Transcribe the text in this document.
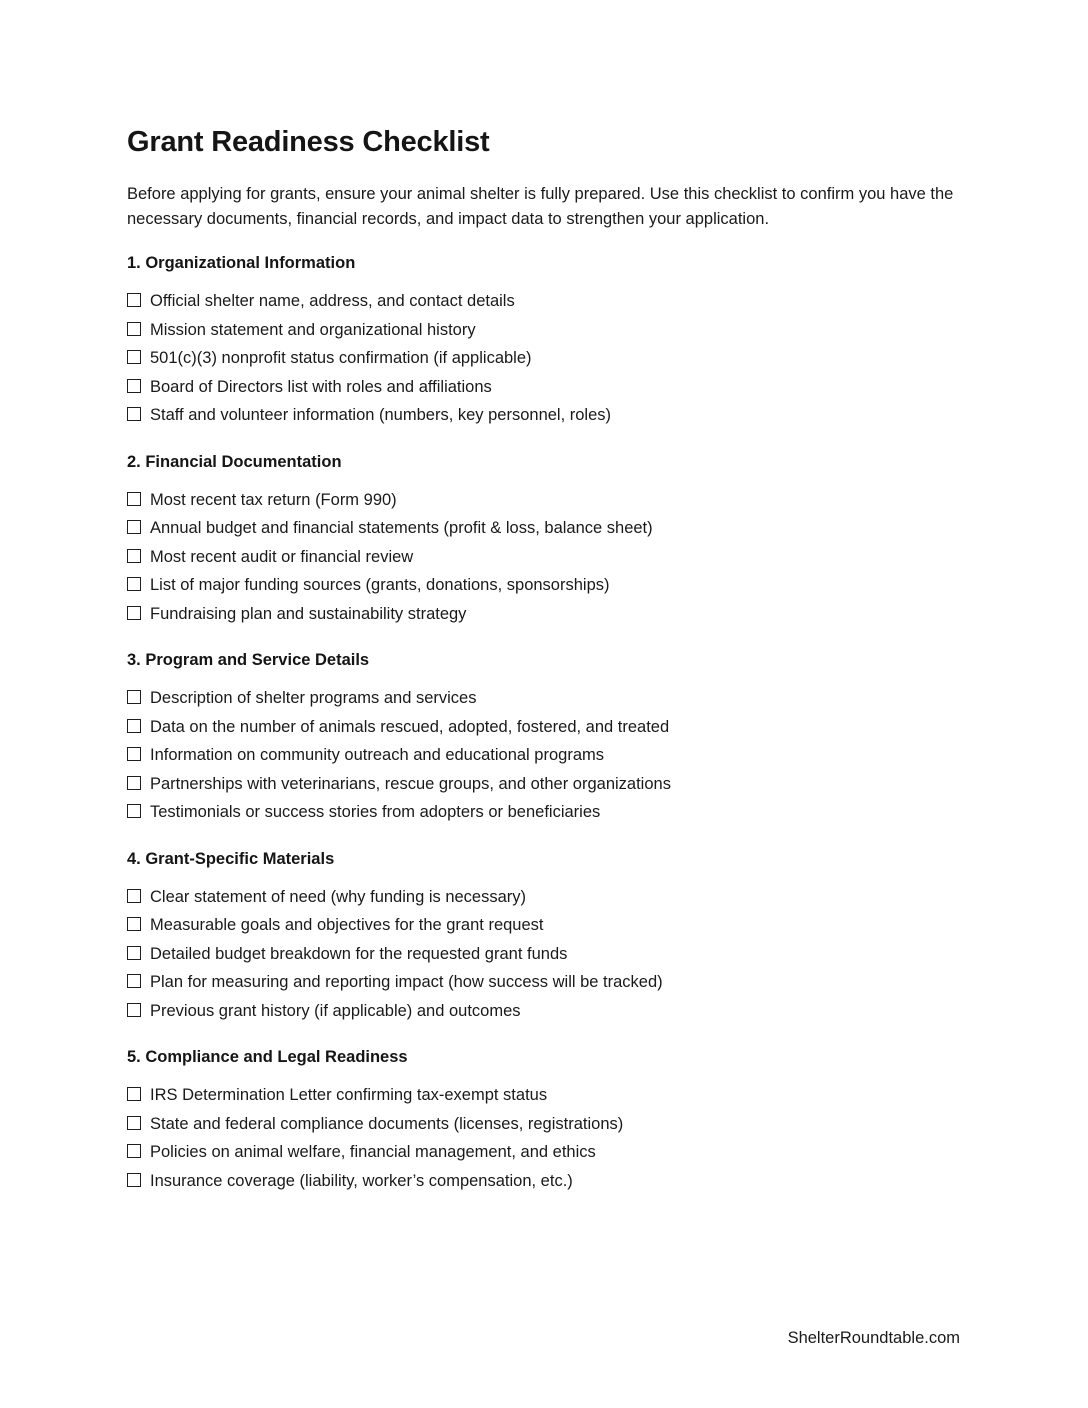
Grant Readiness Checklist

Before applying for grants, ensure your animal shelter is fully prepared. Use this checklist to confirm you have the necessary documents, financial records, and impact data to strengthen your application.

1. Organizational Information
Official shelter name, address, and contact details
Mission statement and organizational history
501(c)(3) nonprofit status confirmation (if applicable)
Board of Directors list with roles and affiliations
Staff and volunteer information (numbers, key personnel, roles)
2. Financial Documentation
Most recent tax return (Form 990)
Annual budget and financial statements (profit & loss, balance sheet)
Most recent audit or financial review
List of major funding sources (grants, donations, sponsorships)
Fundraising plan and sustainability strategy
3. Program and Service Details
Description of shelter programs and services
Data on the number of animals rescued, adopted, fostered, and treated
Information on community outreach and educational programs
Partnerships with veterinarians, rescue groups, and other organizations
Testimonials or success stories from adopters or beneficiaries
4. Grant-Specific Materials
Clear statement of need (why funding is necessary)
Measurable goals and objectives for the grant request
Detailed budget breakdown for the requested grant funds
Plan for measuring and reporting impact (how success will be tracked)
Previous grant history (if applicable) and outcomes
5. Compliance and Legal Readiness
IRS Determination Letter confirming tax-exempt status
State and federal compliance documents (licenses, registrations)
Policies on animal welfare, financial management, and ethics
Insurance coverage (liability, worker’s compensation, etc.)
ShelterRoundtable.com
